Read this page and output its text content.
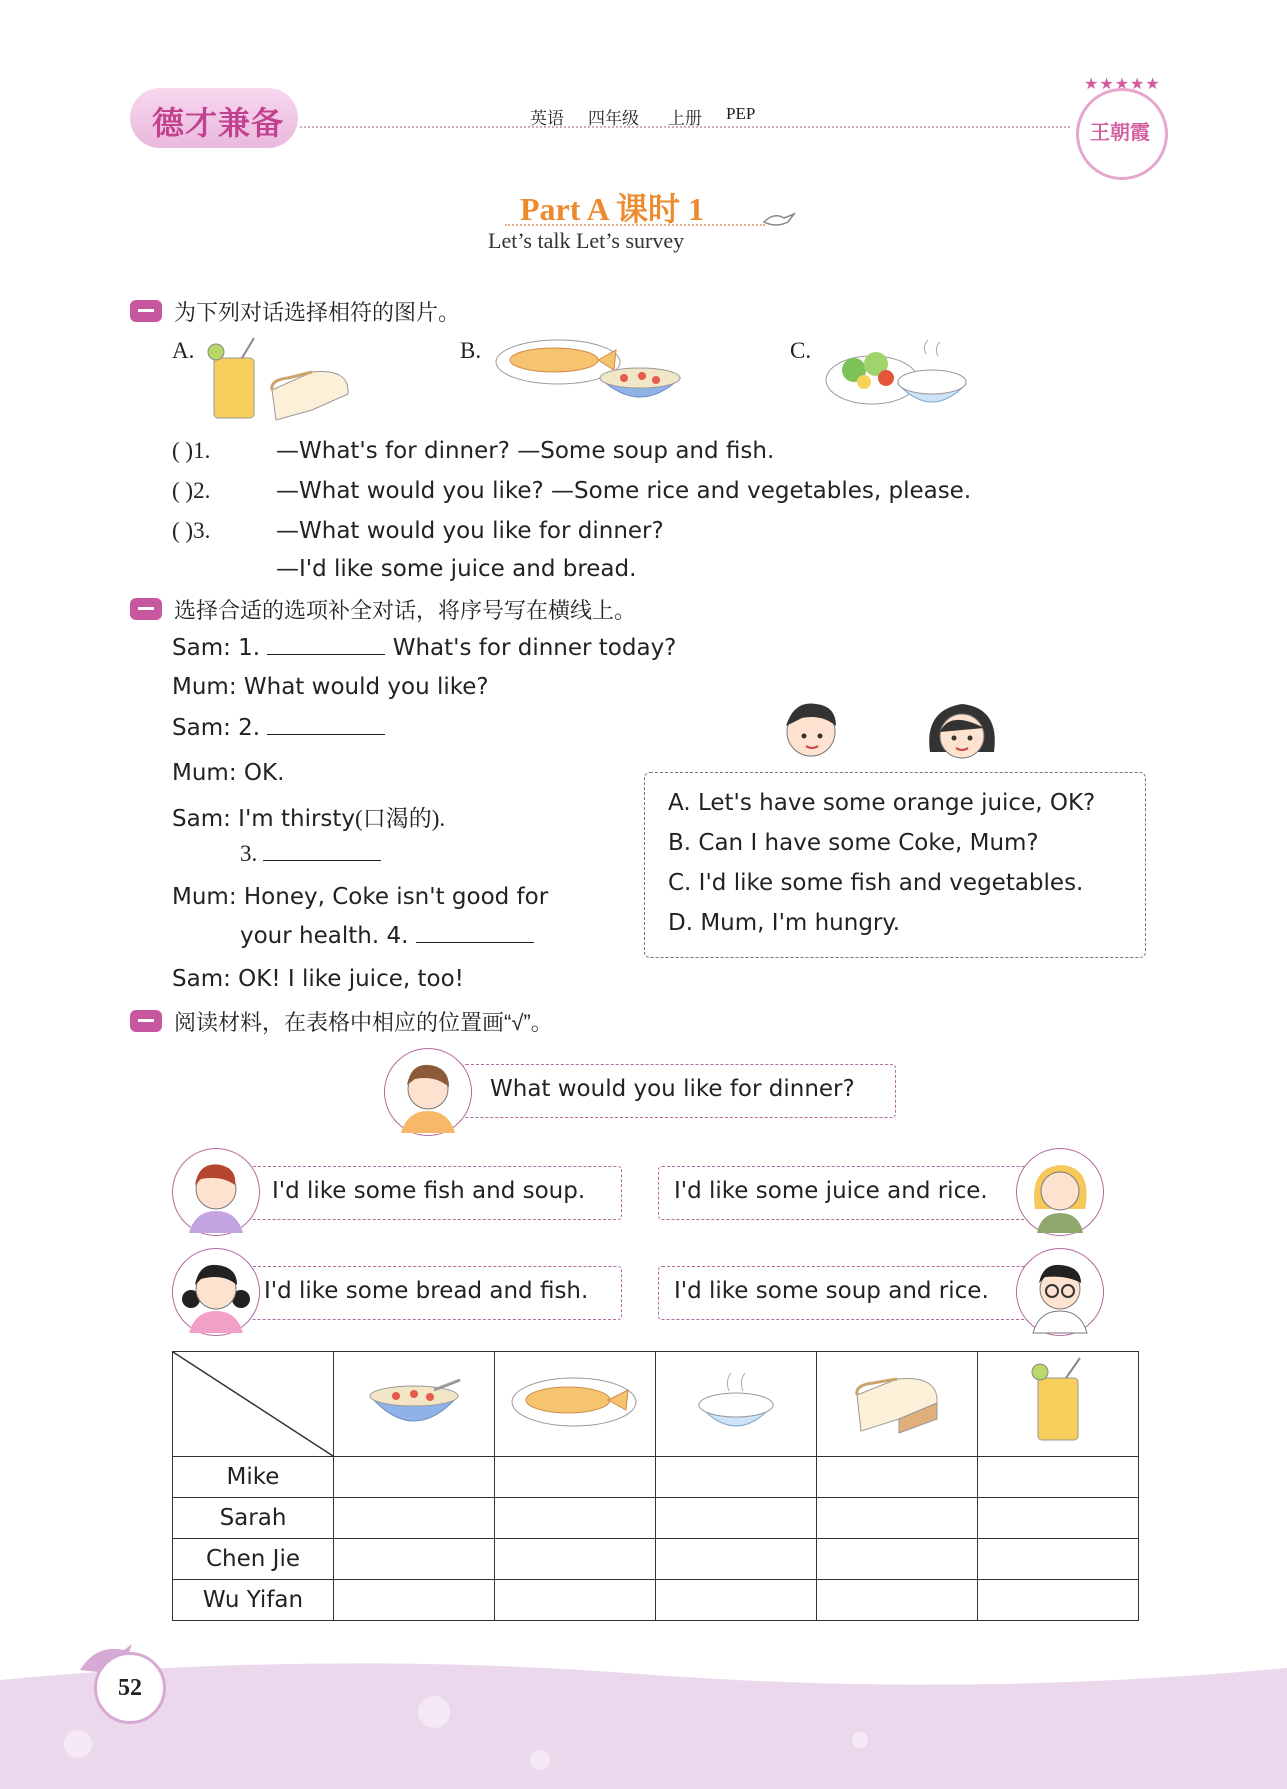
德才兼备	英语 四年级 上册 PEP
★★★★★
王朝霞
Part A 课时 1
Let’s talk Let’s survey
为下列对话选择相符的图片。
A.	B.	C.
( )1.	—What's for dinner? —Some soup and fish.
( )2.	—What would you like? —Some rice and vegetables, please.
( )3.	—What would you like for dinner?
—I'd like some juice and bread.
选择合适的选项补全对话，将序号写在横线上。
Sam: 1.	What's for dinner today?
Mum: What would you like?
Sam: 2.
Mum: OK.
Sam: I'm thirsty(口渴的).
3.
Mum: Honey, Coke isn't good for
your health. 4.
Sam: OK! I like juice, too!
A. Let's have some orange juice, OK?
B. Can I have some Coke, Mum?
C. I'd like some fish and vegetables.
D. Mum, I'm hungry.
阅读材料，在表格中相应的位置画“√”。
What would you like for dinner?
I'd like some fish and soup.	I'd like some juice and rice.
I'd like some bread and fish.	I'd like some soup and rice.

Mike					
Sarah					
Chen Jie					
Wu Yifan					
52
